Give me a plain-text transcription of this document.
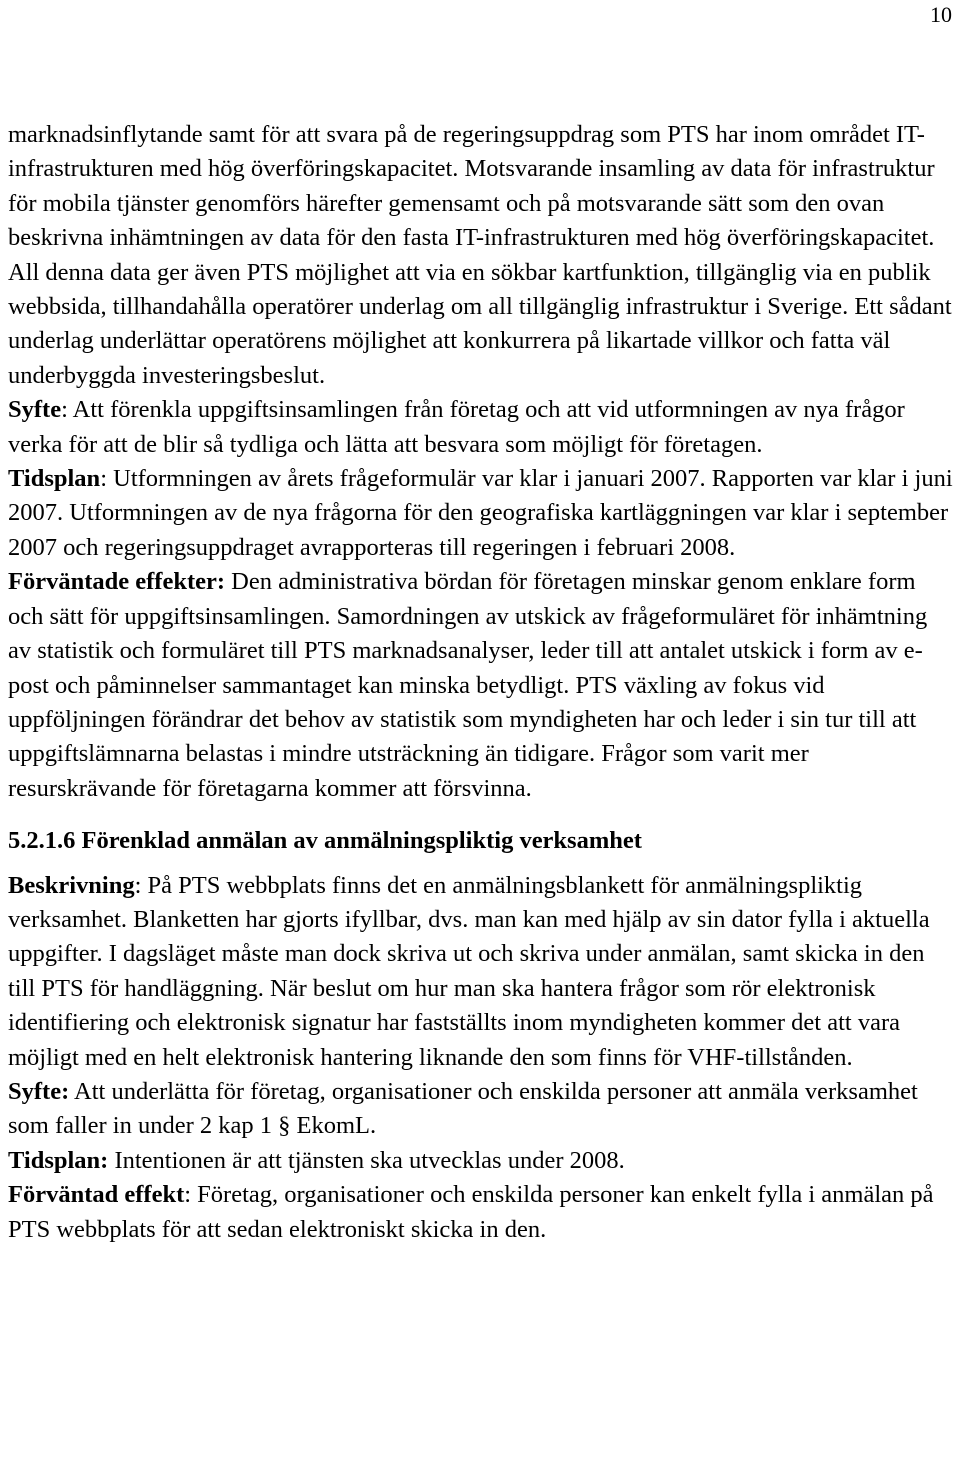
10

marknadsinflytande samt för att svara på de regeringsuppdrag som PTS har inom området IT-infrastrukturen med hög överföringskapacitet. Motsvarande insamling av data för infrastruktur för mobila tjänster genomförs härefter gemensamt och på motsvarande sätt som den ovan beskrivna inhämtningen av data för den fasta IT-infrastrukturen med hög överföringskapacitet. All denna data ger även PTS möjlighet att via en sökbar kartfunktion, tillgänglig via en publik webbsida, tillhandahålla operatörer underlag om all tillgänglig infrastruktur i Sverige. Ett sådant underlag underlättar operatörens möjlighet att konkurrera på likartade villkor och fatta väl underbyggda investeringsbeslut.

Syfte: Att förenkla uppgiftsinsamlingen från företag och att vid utformningen av nya frågor verka för att de blir så tydliga och lätta att besvara som möjligt för företagen.

Tidsplan: Utformningen av årets frågeformulär var klar i januari 2007. Rapporten var klar i juni 2007. Utformningen av de nya frågorna för den geografiska kartläggningen var klar i september 2007 och regeringsuppdraget avrapporteras till regeringen i februari 2008.

Förväntade effekter: Den administrativa bördan för företagen minskar genom enklare form och sätt för uppgiftsinsamlingen. Samordningen av utskick av frågeformuläret för inhämtning av statistik och formuläret till PTS marknadsanalyser, leder till att antalet utskick i form av e-post och påminnelser sammantaget kan minska betydligt. PTS växling av fokus vid uppföljningen förändrar det behov av statistik som myndigheten har och leder i sin tur till att uppgiftslämnarna belastas i mindre utsträckning än tidigare. Frågor som varit mer resurskrävande för företagarna kommer att försvinna.

5.2.1.6 Förenklad anmälan av anmälningspliktig verksamhet

Beskrivning: På PTS webbplats finns det en anmälningsblankett för anmälningspliktig verksamhet. Blanketten har gjorts ifyllbar, dvs. man kan med hjälp av sin dator fylla i aktuella uppgifter. I dagsläget måste man dock skriva ut och skriva under anmälan, samt skicka in den till PTS för handläggning. När beslut om hur man ska hantera frågor som rör elektronisk identifiering och elektronisk signatur har fastställts inom myndigheten kommer det att vara möjligt med en helt elektronisk hantering liknande den som finns för VHF-tillstånden.

Syfte: Att underlätta för företag, organisationer och enskilda personer att anmäla verksamhet som faller in under 2 kap 1 § EkomL.

Tidsplan: Intentionen är att tjänsten ska utvecklas under 2008.

Förväntad effekt: Företag, organisationer och enskilda personer kan enkelt fylla i anmälan på PTS webbplats för att sedan elektroniskt skicka in den.
